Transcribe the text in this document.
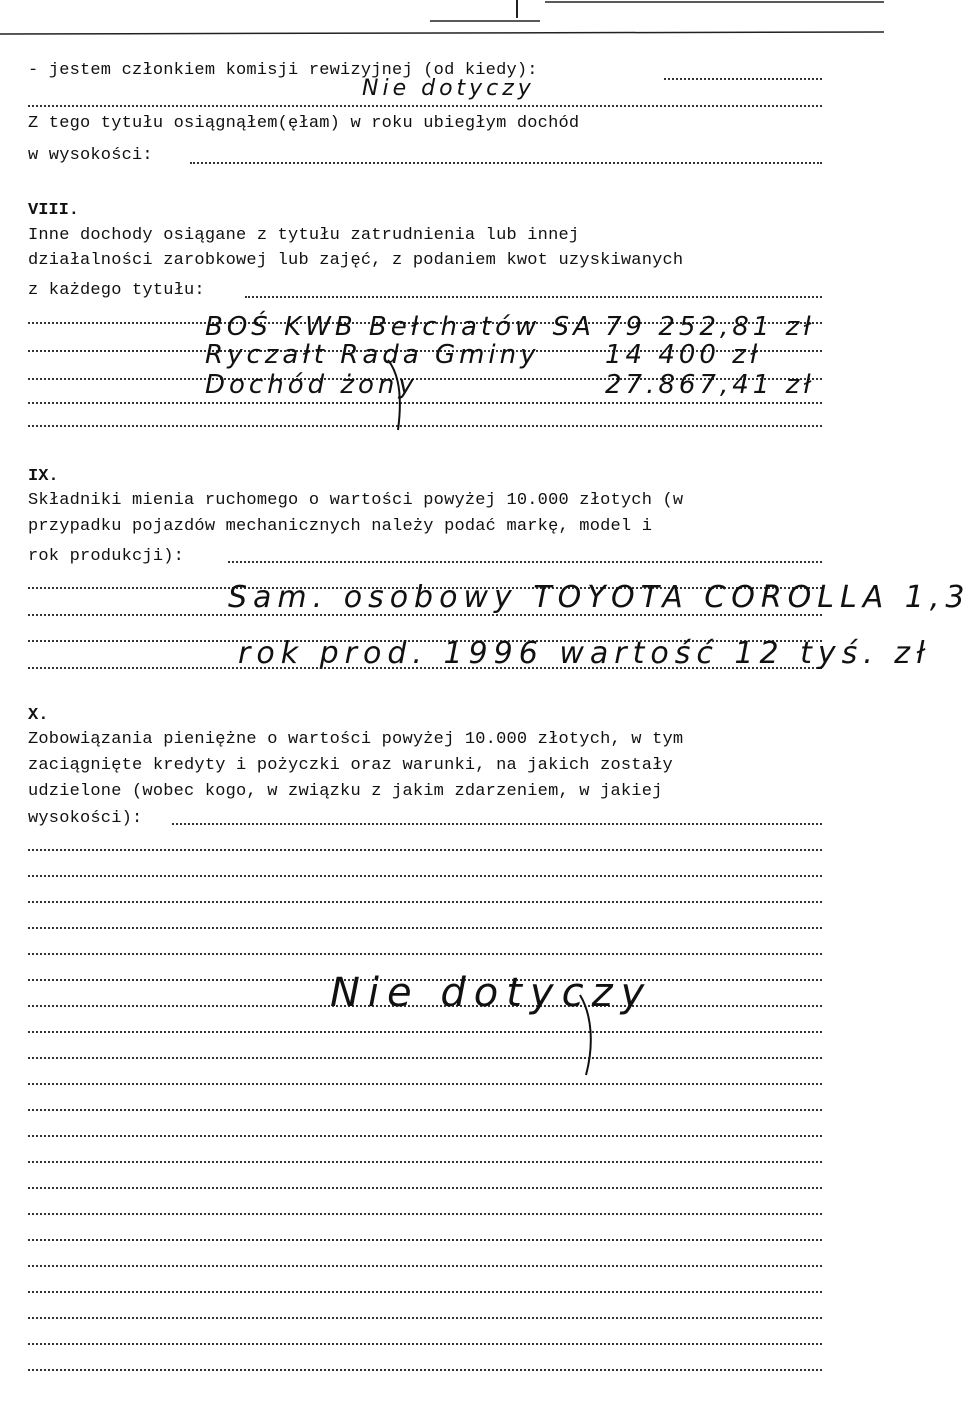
- jestem członkiem komisji rewizyjnej (od kiedy):
Nie dotyczy
Z tego tytułu osiągnąłem(ęłam) w roku ubiegłym dochód
w wysokości:
VIII.
Inne dochody osiągane z tytułu zatrudnienia lub innej
działalności zarobkowej lub zajęć, z podaniem kwot uzyskiwanych
z każdego tytułu:
BOŚ KWB Bełchatów SA 79 252,81 zł
Ryczałt Rada Gminy	14 400 zł
Dochód żony	27.867,41 zł
IX.
Składniki mienia ruchomego o wartości powyżej 10.000 złotych (w
przypadku pojazdów mechanicznych należy podać markę, model i
rok produkcji):
Sam. osobowy TOYOTA COROLLA 1,3
rok prod. 1996 wartość 12 tyś. zł
X.
Zobowiązania pieniężne o wartości powyżej 10.000 złotych, w tym
zaciągnięte kredyty i pożyczki oraz warunki, na jakich zostały
udzielone (wobec kogo, w związku z jakim zdarzeniem, w jakiej
wysokości):
Nie dotyczy
